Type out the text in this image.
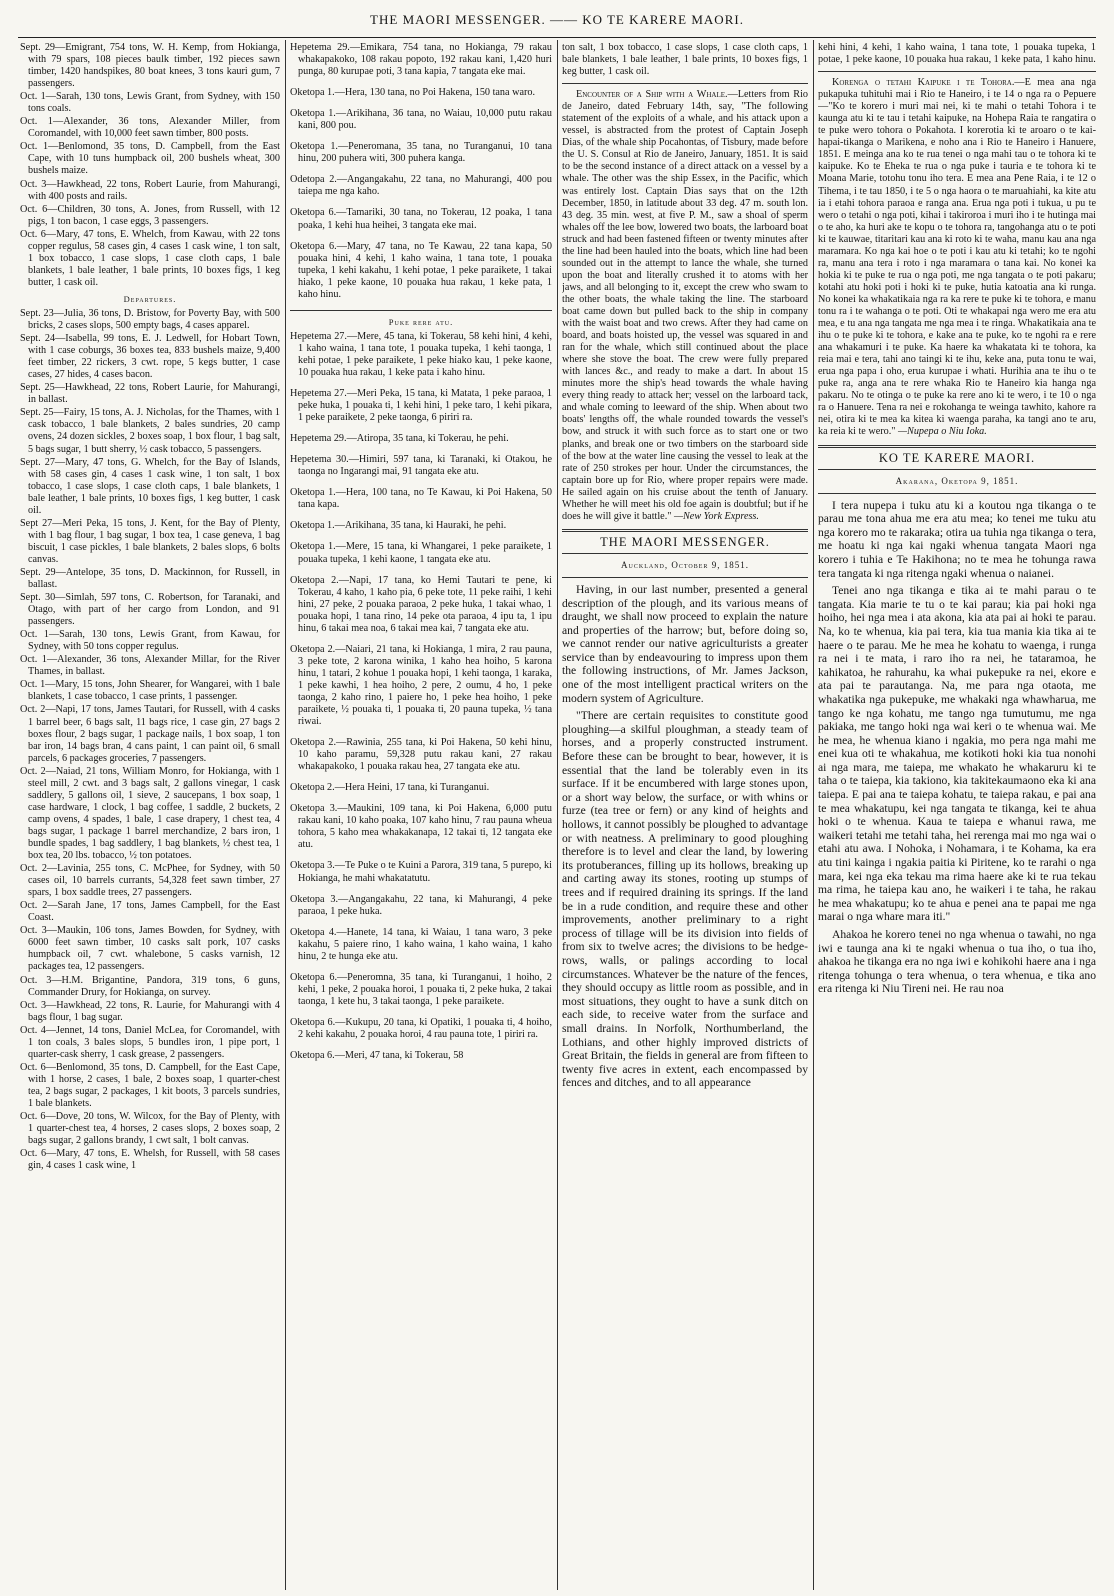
THE MAORI MESSENGER. —— KO TE KARERE MAORI.

Sept. 29—Emigrant, 754 tons, W. H. Kemp, from Hokianga, with 79 spars, 108 pieces baulk timber, 192 pieces sawn timber, 1420 handspikes, 80 boat knees, 3 tons kauri gum, 7 passengers.

Oct. 1—Sarah, 130 tons, Lewis Grant, from Sydney, with 150 tons coals.

Oct. 1—Alexander, 36 tons, Alexander Miller, from Coromandel, with 10,000 feet sawn timber, 800 posts.

Oct. 1—Benlomond, 35 tons, D. Campbell, from the East Cape, with 10 tuns humpback oil, 200 bushels wheat, 300 bushels maize.

Oct. 3—Hawkhead, 22 tons, Robert Laurie, from Mahurangi, with 400 posts and rails.

Oct. 6—Children, 30 tons, A. Jones, from Russell, with 12 pigs, 1 ton bacon, 1 case eggs, 3 passengers.

Oct. 6—Mary, 47 tons, E. Whelch, from Kawau, with 22 tons copper regulus, 58 cases gin, 4 cases 1 cask wine, 1 ton salt, 1 box tobacco, 1 case slops, 1 case cloth caps, 1 bale blankets, 1 bale leather, 1 bale prints, 10 boxes figs, 1 keg butter, 1 cask oil.

Departures.

Sept. 23—Julia, 36 tons, D. Bristow, for Poverty Bay, with 500 bricks, 2 cases slops, 500 empty bags, 4 cases apparel.

Sept. 24—Isabella, 99 tons, E. J. Ledwell, for Hobart Town, with 1 case coburgs, 36 boxes tea, 833 bushels maize, 9,400 feet timber, 22 rickers, 3 cwt. rope, 5 kegs butter, 1 case cases, 27 hides, 4 cases bacon.

Sept. 25—Hawkhead, 22 tons, Robert Laurie, for Mahurangi, in ballast.

Sept. 25—Fairy, 15 tons, A. J. Nicholas, for the Thames, with 1 cask tobacco, 1 bale blankets, 2 bales sundries, 20 camp ovens, 24 dozen sickles, 2 boxes soap, 1 box flour, 1 bag salt, 5 bags sugar, 1 butt sherry, ½ cask tobacco, 5 passengers.

Sept. 27—Mary, 47 tons, G. Whelch, for the Bay of Islands, with 58 cases gin, 4 cases 1 cask wine, 1 ton salt, 1 box tobacco, 1 case slops, 1 case cloth caps, 1 bale blankets, 1 bale leather, 1 bale prints, 10 boxes figs, 1 keg butter, 1 cask oil.

Sept 27—Meri Peka, 15 tons, J. Kent, for the Bay of Plenty, with 1 bag flour, 1 bag sugar, 1 box tea, 1 case geneva, 1 bag biscuit, 1 case pickles, 1 bale blankets, 2 bales slops, 6 bolts canvas.

Sept. 29—Antelope, 35 tons, D. Mackinnon, for Russell, in ballast.

Sept. 30—Simlah, 597 tons, C. Robertson, for Taranaki, and Otago, with part of her cargo from London, and 91 passengers.

Oct. 1—Sarah, 130 tons, Lewis Grant, from Kawau, for Sydney, with 50 tons copper regulus.

Oct. 1—Alexander, 36 tons, Alexander Millar, for the River Thames, in ballast.

Oct. 1—Mary, 15 tons, John Shearer, for Wangarei, with 1 bale blankets, 1 case tobacco, 1 case prints, 1 passenger.

Oct. 2—Napi, 17 tons, James Tautari, for Russell, with 4 casks 1 barrel beer, 6 bags salt, 11 bags rice, 1 case gin, 27 bags 2 boxes flour, 2 bags sugar, 1 package nails, 1 box soap, 1 ton bar iron, 14 bags bran, 4 cans paint, 1 can paint oil, 6 small parcels, 6 packages groceries, 7 passengers.

Oct. 2—Naiad, 21 tons, William Monro, for Hokianga, with 1 steel mill, 2 cwt. and 3 bags salt, 2 gallons vinegar, 1 cask saddlery, 5 gallons oil, 1 sieve, 2 saucepans, 1 box soap, 1 case hardware, 1 clock, 1 bag coffee, 1 saddle, 2 buckets, 2 camp ovens, 4 spades, 1 bale, 1 case drapery, 1 chest tea, 4 bags sugar, 1 package 1 barrel merchandize, 2 bars iron, 1 bundle spades, 1 bag saddlery, 1 bag blankets, ½ chest tea, 1 box tea, 20 lbs. tobacco, ½ ton potatoes.

Oct. 2—Lavinia, 255 tons, C. McPhee, for Sydney, with 50 cases oil, 10 barrels currants, 54,328 feet sawn timber, 27 spars, 1 box saddle trees, 27 passengers.

Oct. 2—Sarah Jane, 17 tons, James Campbell, for the East Coast.

Oct. 3—Maukin, 106 tons, James Bowden, for Sydney, with 6000 feet sawn timber, 10 casks salt pork, 107 casks humpback oil, 7 cwt. whalebone, 5 casks varnish, 12 packages tea, 12 passengers.

Oct. 3—H.M. Brigantine, Pandora, 319 tons, 6 guns, Commander Drury, for Hokianga, on survey.

Oct. 3—Hawkhead, 22 tons, R. Laurie, for Mahurangi with 4 bags flour, 1 bag sugar.

Oct. 4—Jennet, 14 tons, Daniel McLea, for Coromandel, with 1 ton coals, 3 bales slops, 5 bundles iron, 1 pipe port, 1 quarter-cask sherry, 1 cask grease, 2 passengers.

Oct. 6—Benlomond, 35 tons, D. Campbell, for the East Cape, with 1 horse, 2 cases, 1 bale, 2 boxes soap, 1 quarter-chest tea, 2 bags sugar, 2 packages, 1 kit boots, 3 parcels sundries, 1 bale blankets.

Oct. 6—Dove, 20 tons, W. Wilcox, for the Bay of Plenty, with 1 quarter-chest tea, 4 horses, 2 cases slops, 2 boxes soap, 2 bags sugar, 2 gallons brandy, 1 cwt salt, 1 bolt canvas.

Oct. 6—Mary, 47 tons, E. Whelsh, for Russell, with 58 cases gin, 4 cases 1 cask wine, 1

Hepetema 29.—Emikara, 754 tana, no Hokianga, 79 rakau whakapakoko, 108 rakau popoto, 192 rakau kani, 1,420 huri punga, 80 kurupae poti, 3 tana kapia, 7 tangata eke mai.

Oketopa 1.—Hera, 130 tana, no Poi Hakena, 150 tana waro.

Oketopa 1.—Arikihana, 36 tana, no Waiau, 10,000 putu rakau kani, 800 pou.

Oketopa 1.—Peneromana, 35 tana, no Turanganui, 10 tana hinu, 200 puhera witi, 300 puhera kanga.

Odetopa 2.—Angangakahu, 22 tana, no Mahurangi, 400 pou taiepa me nga kaho.

Oketopa 6.—Tamariki, 30 tana, no Tokerau, 12 poaka, 1 tana poaka, 1 kehi hua heihei, 3 tangata eke mai.

Oketopa 6.—Mary, 47 tana, no Te Kawau, 22 tana kapa, 50 pouaka hini, 4 kehi, 1 kaho waina, 1 tana tote, 1 pouaka tupeka, 1 kehi kakahu, 1 kehi potae, 1 peke paraikete, 1 takai hiako, 1 peke kaone, 10 pouaka hua rakau, 1 keke pata, 1 kaho hinu.

Puke rere atu.

Hepetema 27.—Mere, 45 tana, ki Tokerau, 58 kehi hini, 4 kehi, 1 kaho waina, 1 tana tote, 1 pouaka tupeka, 1 kehi taonga, 1 kehi potae, 1 peke paraikete, 1 peke hiako kau, 1 peke kaone, 10 pouaka hua rakau, 1 keke pata i kaho hinu.

Hepetema 27.—Meri Peka, 15 tana, ki Matata, 1 peke paraoa, 1 peke huka, 1 pouaka ti, 1 kehi hini, 1 peke taro, 1 kehi pikara, 1 peke paraikete, 2 peke taonga, 6 piriri ra.

Hepetema 29.—Atiropa, 35 tana, ki Tokerau, he pehi.

Hepetema 30.—Himiri, 597 tana, ki Taranaki, ki Otakou, he taonga no Ingarangi mai, 91 tangata eke atu.

Oketopa 1.—Hera, 100 tana, no Te Kawau, ki Poi Hakena, 50 tana kapa.

Oketopa 1.—Arikihana, 35 tana, ki Hauraki, he pehi.

Oketopa 1.—Mere, 15 tana, ki Whangarei, 1 peke paraikete, 1 pouaka tupeka, 1 kehi kaone, 1 tangata eke atu.

Oketopa 2.—Napi, 17 tana, ko Hemi Tautari te pene, ki Tokerau, 4 kaho, 1 kaho pia, 6 peke tote, 11 peke raihi, 1 kehi hini, 27 peke, 2 pouaka paraoa, 2 peke huka, 1 takai whao, 1 pouaka hopi, 1 tana rino, 14 peke ota paraoa, 4 ipu ta, 1 ipu hinu, 6 takai mea noa, 6 takai mea kai, 7 tangata eke atu.

Oketopa 2.—Naiari, 21 tana, ki Hokianga, 1 mira, 2 rau pauna, 3 peke tote, 2 karona winika, 1 kaho hea hoiho, 5 karona hinu, 1 tatari, 2 kohue 1 pouaka hopi, 1 kehi taonga, 1 karaka, 1 peke kawhi, 1 hea hoiho, 2 pere, 2 oumu, 4 ho, 1 peke taonga, 2 kaho rino, 1 paiere ho, 1 peke hea hoiho, 1 peke paraikete, ½ pouaka ti, 1 pouaka ti, 20 pauna tupeka, ½ tana riwai.

Oketopa 2.—Rawinia, 255 tana, ki Poi Hakena, 50 kehi hinu, 10 kaho paramu, 59,328 putu rakau kani, 27 rakau whakapakoko, 1 pouaka rakau hea, 27 tangata eke atu.

Oketopa 2.—Hera Heini, 17 tana, ki Turanganui.

Oketopa 3.—Maukini, 109 tana, ki Poi Hakena, 6,000 putu rakau kani, 10 kaho poaka, 107 kaho hinu, 7 rau pauna wheua tohora, 5 kaho mea whakakanapa, 12 takai ti, 12 tangata eke atu.

Oketopa 3.—Te Puke o te Kuini a Parora, 319 tana, 5 purepo, ki Hokianga, he mahi whakatatutu.

Oketopa 3.—Angangakahu, 22 tana, ki Mahurangi, 4 peke paraoa, 1 peke huka.

Oketopa 4.—Hanete, 14 tana, ki Waiau, 1 tana waro, 3 peke kakahu, 5 paiere rino, 1 kaho waina, 1 kaho waina, 1 kaho hinu, 2 te hunga eke atu.

Oketopa 6.—Peneromna, 35 tana, ki Turanganui, 1 hoiho, 2 kehi, 1 peke, 2 pouaka horoi, 1 pouaka ti, 2 peke huka, 2 takai taonga, 1 kete hu, 3 takai taonga, 1 peke paraikete.

Oketopa 6.—Kukupu, 20 tana, ki Opatiki, 1 pouaka ti, 4 hoiho, 2 kehi kakahu, 2 pouaka horoi, 4 rau pauna tote, 1 piriri ra.

Oketopa 6.—Meri, 47 tana, ki Tokerau, 58

ton salt, 1 box tobacco, 1 case slops, 1 case cloth caps, 1 bale blankets, 1 bale leather, 1 bale prints, 10 boxes figs, 1 keg butter, 1 cask oil.

Encounter of a Ship with a Whale.—Letters from Rio de Janeiro, dated February 14th, say, "The following statement of the exploits of a whale, and his attack upon a vessel, is abstracted from the protest of Captain Joseph Dias, of the whale ship Pocahontas, of Tisbury, made before the U. S. Consul at Rio de Janeiro, January, 1851. It is said to be the second instance of a direct attack on a vessel by a whale. The other was the ship Essex, in the Pacific, which was entirely lost. Captain Dias says that on the 12th December, 1850, in latitude about 33 deg. 47 m. south lon. 43 deg. 35 min. west, at five P. M., saw a shoal of sperm whales off the lee bow, lowered two boats, the larboard boat struck and had been fastened fifteen or twenty minutes after the line had been hauled into the boats, which line had been sounded out in the attempt to lance the whale, she turned upon the boat and literally crushed it to atoms with her jaws, and all belonging to it, except the crew who swam to the other boats, the whale taking the line. The starboard boat came down but pulled back to the ship in company with the waist boat and two crews. After they had came on board, and boats hoisted up, the vessel was squared in and ran for the whale, which still continued about the place where she stove the boat. The crew were fully prepared with lances &c., and ready to make a dart. In about 15 minutes more the ship's head towards the whale having every thing ready to attack her; vessel on the larboard tack, and whale coming to leeward of the ship. When about two boats' lengths off, the whale rounded towards the vessel's bow, and struck it with such force as to start one or two planks, and break one or two timbers on the starboard side of the bow at the water line causing the vessel to leak at the rate of 250 strokes per hour. Under the circumstances, the captain bore up for Rio, where proper repairs were made. He sailed again on his cruise about the tenth of January. Whether he will meet his old foe again is doubtful; but if he does he will give it battle." —New York Express.

THE MAORI MESSENGER.
Auckland, October 9, 1851.

Having, in our last number, presented a general description of the plough, and its various means of draught, we shall now proceed to explain the nature and properties of the harrow; but, before doing so, we cannot render our native agriculturists a greater service than by endeavouring to impress upon them the following instructions, of Mr. James Jackson, one of the most intelligent practical writers on the modern system of Agriculture.

"There are certain requisites to constitute good ploughing—a skilful ploughman, a steady team of horses, and a properly constructed instrument. Before these can be brought to bear, however, it is essential that the land be tolerably even in its surface. If it be encumbered with large stones upon, or a short way below, the surface, or with whins or furze (tea tree or fern) or any kind of heights and hollows, it cannot possibly be ploughed to advantage or with neatness. A preliminary to good ploughing therefore is to level and clear the land, by lowering its protuberances, filling up its hollows, breaking up and carting away its stones, rooting up stumps of trees and if required draining its springs. If the land be in a rude condition, and require these and other improvements, another preliminary to a right process of tillage will be its division into fields of from six to twelve acres; the divisions to be hedge-rows, walls, or palings according to local circumstances. Whatever be the nature of the fences, they should occupy as little room as possible, and in most situations, they ought to have a sunk ditch on each side, to receive water from the surface and small drains. In Norfolk, Northumberland, the Lothians, and other highly improved districts of Great Britain, the fields in general are from fifteen to twenty five acres in extent, each encompassed by fences and ditches, and to all appearance

kehi hini, 4 kehi, 1 kaho waina, 1 tana tote, 1 pouaka tupeka, 1 potae, 1 peke kaone, 10 pouaka hua rakau, 1 keke pata, 1 kaho hinu.

Korenga o tetahi Kaipuke i te Tohora.—E mea ana nga pukapuka tuhituhi mai i Rio te Haneiro, i te 14 o nga ra o Pepuere —"Ko te korero i muri mai nei, ki te mahi o tetahi Tohora i te kaunga atu ki te tau i tetahi kaipuke, na Hohepa Raia te rangatira o te puke wero tohora o Pokahota. I korerotia ki te aroaro o te kai-hapai-tikanga o Marikena, e noho ana i Rio te Haneiro i Hanuere, 1851. E meinga ana ko te rua tenei o nga mahi tau o te tohora ki te kaipuke. Ko te Eheka te rua o nga puke i tauria e te tohora ki te Moana Marie, totohu tonu iho tera. E mea ana Pene Raia, i te 12 o Tihema, i te tau 1850, i te 5 o nga haora o te maruahiahi, ka kite atu ia i etahi tohora paraoa e ranga ana. Erua nga poti i tukua, u pu te wero o tetahi o nga poti, kihai i takiroroa i muri iho i te hutinga mai o te aho, ka huri ake te kopu o te tohora ra, tangohanga atu o te poti ki te kauwae, titaritari kau ana ki roto ki te waha, manu kau ana nga maramara. Ko nga kai hoe o te poti i kau atu ki tetahi; ko te ngohi ra, manu ana tera i roto i nga maramara o tana kai. No konei ka hokia ki te puke te rua o nga poti, me nga tangata o te poti pakaru; kotahi atu hoki poti i hoki ki te puke, hutia katoatia ana ki runga. No konei ka whakatikaia nga ra ka rere te puke ki te tohora, e manu tonu ra i te wahanga o te poti. Oti te whakapai nga wero me era atu mea, e tu ana nga tangata me nga mea i te ringa. Whakatikaia ana te ihu o te puke ki te tohora, e kake ana te puke, ko te ngohi ra e rere ana whakamuri i te puke. Ka haere ka whakatata ki te tohora, ka reia mai e tera, tahi ano taingi ki te ihu, keke ana, puta tonu te wai, erua nga papa i oho, erua kurupae i whati. Hurihia ana te ihu o te puke ra, anga ana te rere whaka Rio te Haneiro kia hanga nga pakaru. No te otinga o te puke ka rere ano ki te wero, i te 10 o nga ra o Hanuere. Tena ra nei e rokohanga te weinga tawhito, kahore ra nei, otira ki te mea ka kitea ki waenga paraha, ka tangi ano te aru, ka reia ki te wero." —Nupepa o Niu Ioka.

KO TE KARERE MAORI.
Akarana, Oketopa 9, 1851.

I tera nupepa i tuku atu ki a koutou nga tikanga o te parau me tona ahua me era atu mea; ko tenei me tuku atu nga korero mo te rakaraka; otira ua tuhia nga tikanga o tera, me hoatu ki nga kai ngaki whenua tangata Maori nga korero i tuhia e Te Hakihona; no te mea he tohunga rawa tera tangata ki nga ritenga ngaki whenua o naianei.

Tenei ano nga tikanga e tika ai te mahi parau o te tangata. Kia marie te tu o te kai parau; kia pai hoki nga hoiho, hei nga mea i ata akona, kia ata pai ai hoki te parau. Na, ko te whenua, kia pai tera, kia tua mania kia tika ai te haere o te parau. Me he mea he kohatu to waenga, i runga ra nei i te mata, i raro iho ra nei, he tataramoa, he kahikatoa, he rahurahu, ka whai pukepuke ra nei, ekore e ata pai te parautanga. Na, me para nga otaota, me whakatika nga pukepuke, me whakaki nga whawharua, me tango ke nga kohatu, me tango nga tumutumu, me nga pakiaka, me tango hoki nga wai keri o te whenua wai. Me he mea, he whenua kiano i ngakia, mo pera nga mahi me enei kua oti te whakahua, me kotikoti hoki kia tua nonohi ai nga mara, me taiepa, me whakato he whakaruru ki te taha o te taiepa, kia takiono, kia takitekaumaono eka ki ana taiepa. E pai ana te taiepa kohatu, te taiepa rakau, e pai ana te mea whakatupu, kei nga tangata te tikanga, kei te ahua hoki o te whenua. Kaua te taiepa e whanui rawa, me waikeri tetahi me tetahi taha, hei rerenga mai mo nga wai o etahi atu awa. I Nohoka, i Nohamara, i te Kohama, ka era atu tini kainga i ngakia paitia ki Piritene, ko te rarahi o nga mara, kei nga eka tekau ma rima haere ake ki te rua tekau ma rima, he taiepa kau ano, he waikeri i te taha, he rakau he mea whakatupu; ko te ahua e penei ana te papai me nga marai o nga whare mara iti."

Ahakoa he korero tenei no nga whenua o tawahi, no nga iwi e taunga ana ki te ngaki whenua o tua iho, o tua iho, ahakoa he tikanga era no nga iwi e kohikohi haere ana i nga ritenga tohunga o tera whenua, o tera whenua, e tika ano era ritenga ki Niu Tireni nei. He rau noa
